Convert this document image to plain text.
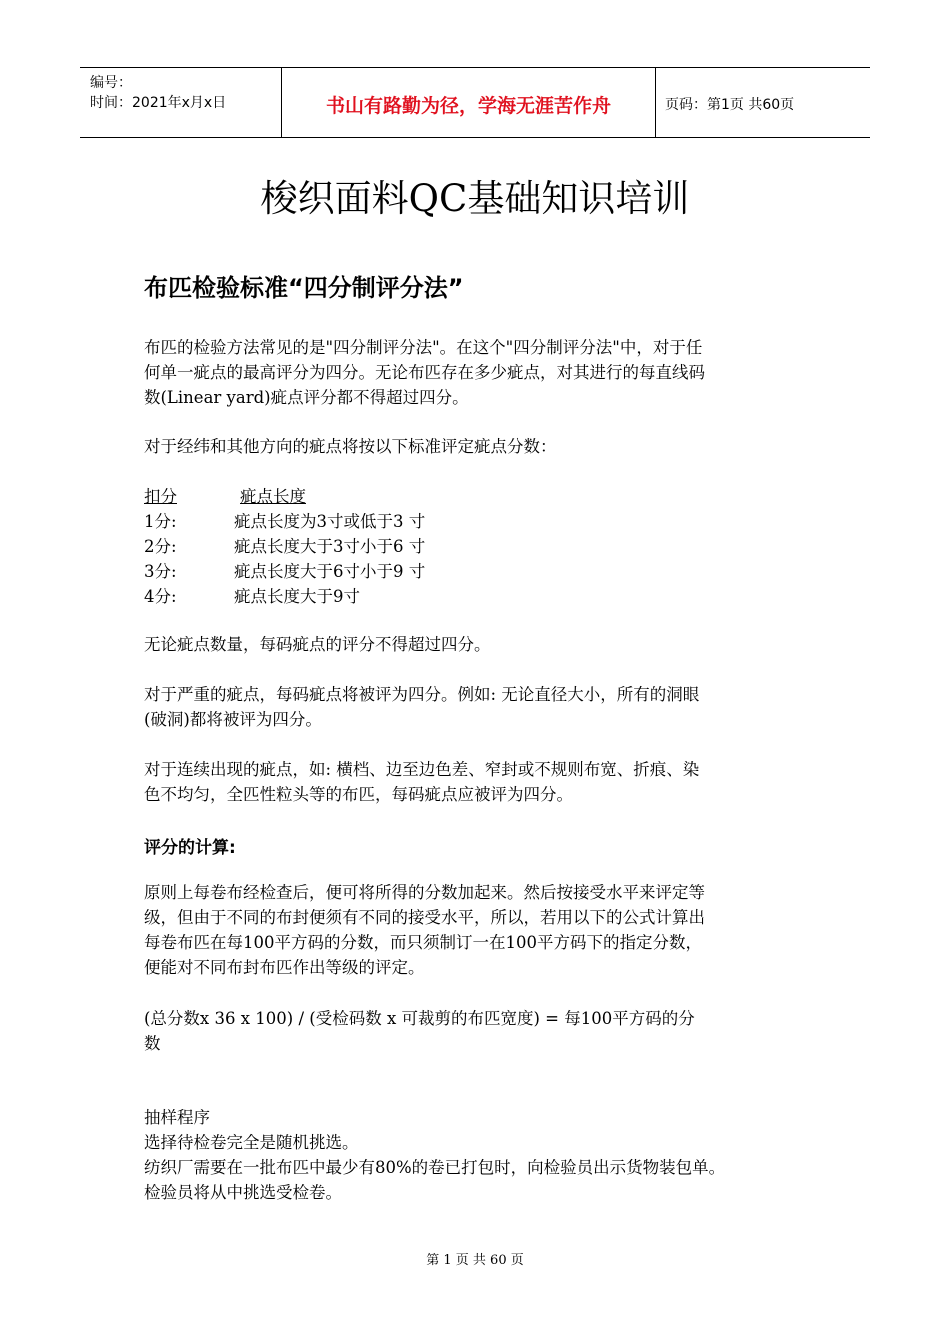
编号：
时间：2021年x月x日	书山有路勤为径，学海无涯苦作舟	页码：第1页 共60页
梭织面料QC基础知识培训
布匹检验标准“四分制评分法”
布匹的检验方法常见的是"四分制评分法"。在这个"四分制评分法"中，对于任
何单一疵点的最高评分为四分。无论布匹存在多少疵点，对其进行的每直线码
数(Linear yard)疵点评分都不得超过四分。
对于经纬和其他方向的疵点将按以下标准评定疵点分数：
扣分	疵点长度
1分:	疵点长度为3寸或低于3 寸
2分:	疵点长度大于3寸小于6 寸
3分:	疵点长度大于6寸小于9 寸
4分:	疵点长度大于9寸
无论疵点数量，每码疵点的评分不得超过四分。
对于严重的疵点，每码疵点将被评为四分。例如: 无论直径大小，所有的洞眼
(破洞)都将被评为四分。
对于连续出现的疵点，如: 横档、边至边色差、窄封或不规则布宽、折痕、染
色不均匀，全匹性粒头等的布匹，每码疵点应被评为四分。
评分的计算:
原则上每卷布经检查后，便可将所得的分数加起来。然后按接受水平来评定等
级，但由于不同的布封便须有不同的接受水平，所以，若用以下的公式计算出
每卷布匹在每100平方码的分数，而只须制订一在100平方码下的指定分数，
便能对不同布封布匹作出等级的评定。
(总分数x 36 x 100) / (受检码数 x 可裁剪的布匹宽度) = 每100平方码的分
数
抽样程序
选择待检卷完全是随机挑选。
纺织厂需要在一批布匹中最少有80%的卷已打包时，向检验员出示货物装包单。
检验员将从中挑选受检卷。
第 1 页 共 60 页
